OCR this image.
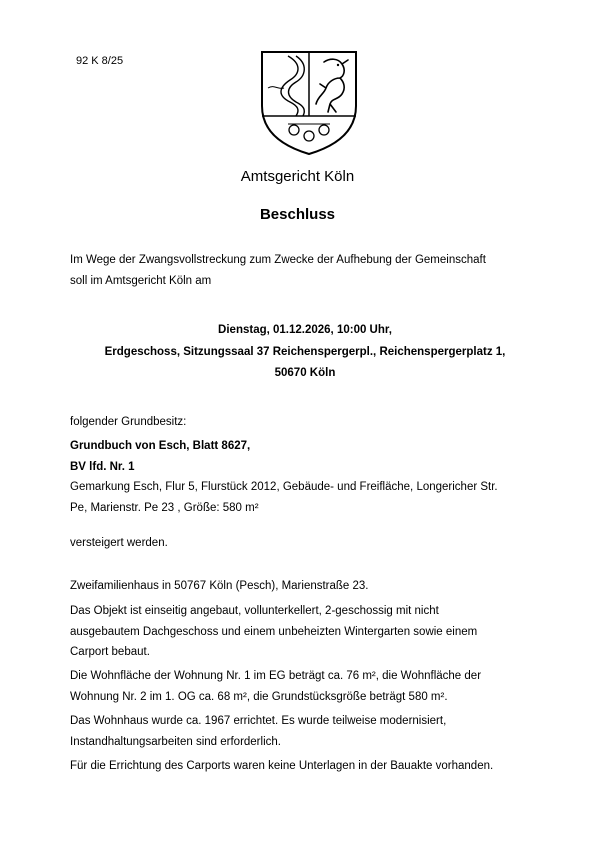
92 K 8/25
Amtsgericht Köln
Beschluss
Im Wege der Zwangsvollstreckung zum Zwecke der Aufhebung der Gemeinschaft
soll im Amtsgericht Köln am
Dienstag, 01.12.2026, 10:00 Uhr,
Erdgeschoss, Sitzungssaal 37 Reichenspergerpl., Reichenspergerplatz 1,
50670 Köln
folgender Grundbesitz:
Grundbuch von Esch, Blatt 8627,
BV lfd. Nr. 1
Gemarkung Esch, Flur 5, Flurstück 2012, Gebäude- und Freifläche, Longericher Str.
Pe, Marienstr. Pe 23 , Größe: 580 m²
versteigert werden.
Zweifamilienhaus in 50767 Köln (Pesch), Marienstraße 23.
Das Objekt ist einseitig angebaut, vollunterkellert, 2-geschossig mit nicht
ausgebautem Dachgeschoss und einem unbeheizten Wintergarten sowie einem
Carport bebaut.
Die Wohnfläche der Wohnung Nr. 1 im EG beträgt ca. 76 m², die Wohnfläche der
Wohnung Nr. 2 im 1. OG ca. 68 m², die Grundstücksgröße beträgt 580 m².
Das Wohnhaus wurde ca. 1967 errichtet. Es wurde teilweise modernisiert,
Instandhaltungsarbeiten sind erforderlich.
Für die Errichtung des Carports waren keine Unterlagen in der Bauakte vorhanden.
